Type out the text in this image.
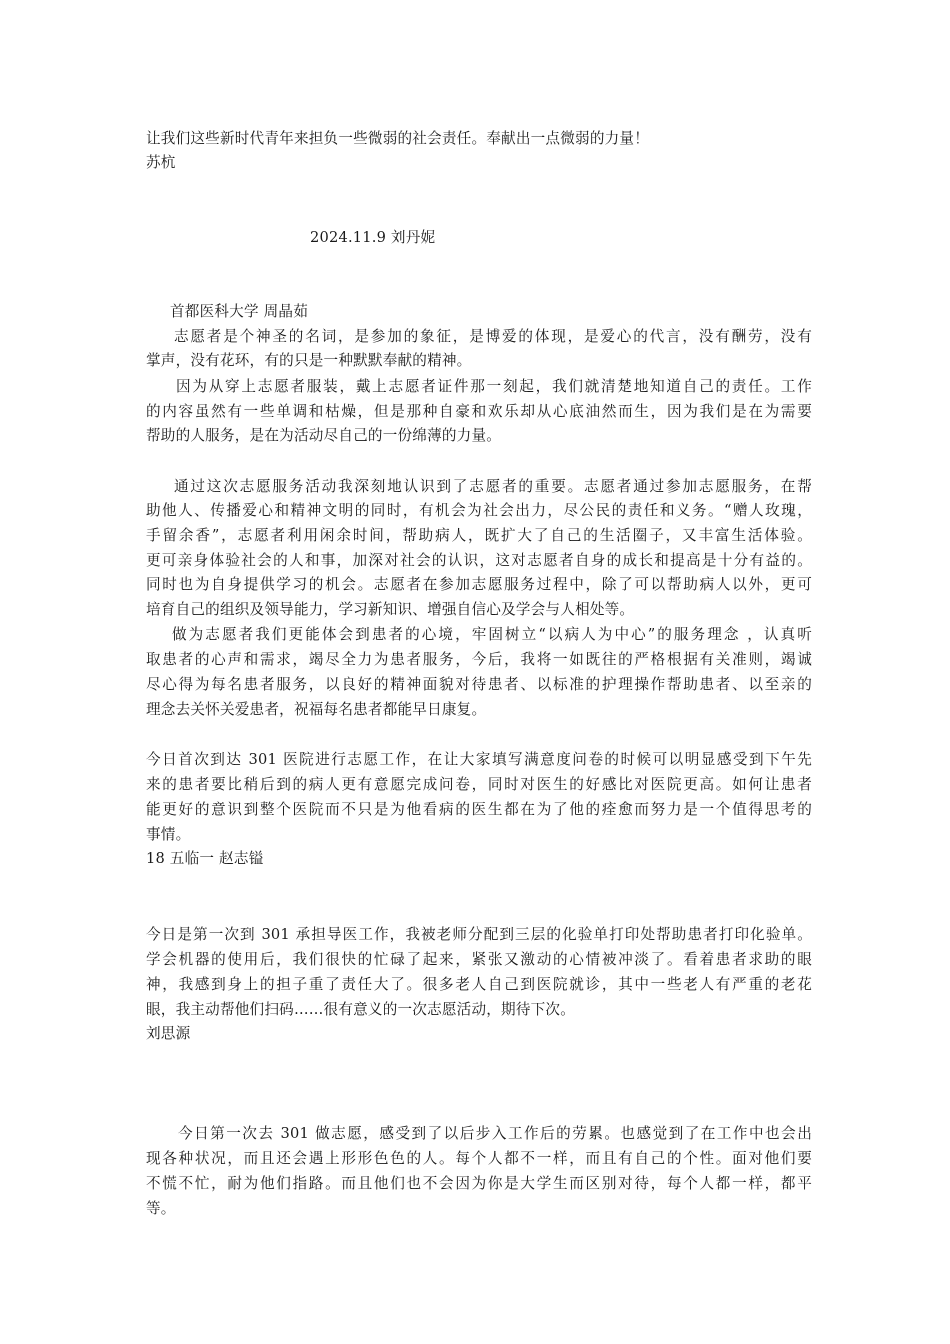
让我们这些新时代青年来担负一些微弱的社会责任。奉献出一点微弱的力量！
苏杭
2024.11.9 刘丹妮
首都医科大学 周晶茹
志愿者是个神圣的名词，是参加的象征，是博爱的体现，是爱心的代言，没有酬劳，没有
掌声，没有花环，有的只是一种默默奉献的精神。
因为从穿上志愿者服装，戴上志愿者证件那一刻起，我们就清楚地知道自己的责任。工作
的内容虽然有一些单调和枯燥，但是那种自豪和欢乐却从心底油然而生，因为我们是在为需要
帮助的人服务，是在为活动尽自己的一份绵薄的力量。
通过这次志愿服务活动我深刻地认识到了志愿者的重要。志愿者通过参加志愿服务，在帮
助他人、传播爱心和精神文明的同时，有机会为社会出力，尽公民的责任和义务。“赠人玫瑰，
手留余香”，志愿者利用闲余时间，帮助病人，既扩大了自己的生活圈子，又丰富生活体验。
更可亲身体验社会的人和事，加深对社会的认识，这对志愿者自身的成长和提高是十分有益的。
同时也为自身提供学习的机会。志愿者在参加志愿服务过程中，除了可以帮助病人以外，更可
培育自己的组织及领导能力，学习新知识、增强自信心及学会与人相处等。
做为志愿者我们更能体会到患者的心境，牢固树立“以病人为中心”的服务理念 ，认真听
取患者的心声和需求，竭尽全力为患者服务，今后，我将一如既往的严格根据有关准则，竭诚
尽心得为每名患者服务，以良好的精神面貌对待患者、以标准的护理操作帮助患者、以至亲的
理念去关怀关爱患者，祝福每名患者都能早日康复。
今日首次到达 301 医院进行志愿工作，在让大家填写满意度问卷的时候可以明显感受到下午先
来的患者要比稍后到的病人更有意愿完成问卷，同时对医生的好感比对医院更高。如何让患者
能更好的意识到整个医院而不只是为他看病的医生都在为了他的痊愈而努力是一个值得思考的
事情。
18 五临一 赵志镒
今日是第一次到 301 承担导医工作，我被老师分配到三层的化验单打印处帮助患者打印化验单。
学会机器的使用后，我们很快的忙碌了起来，紧张又激动的心情被冲淡了。看着患者求助的眼
神，我感到身上的担子重了责任大了。很多老人自己到医院就诊，其中一些老人有严重的老花
眼，我主动帮他们扫码……很有意义的一次志愿活动，期待下次。
刘思源
今日第一次去 301 做志愿，感受到了以后步入工作后的劳累。也感觉到了在工作中也会出
现各种状况，而且还会遇上形形色色的人。每个人都不一样，而且有自己的个性。面对他们要
不慌不忙，耐为他们指路。而且他们也不会因为你是大学生而区别对待，每个人都一样，都平
等。
